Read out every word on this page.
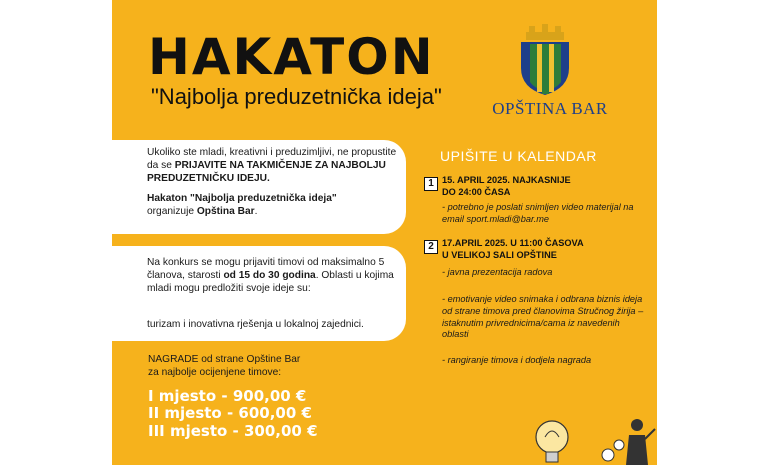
HAKATON

"Najbolja preduzetnička ideja"	OPŠTINA BAR
Ukoliko ste mladi, kreativni i preduzimljivi, ne propustite da se PRIJAVITE NA TAKMIČENJE ZA NAJBOLJU PREDUZETNIČKU IDEJU.
Hakaton "Najbolja preduzetnička ideja"
organizuje Opština Bar.
Na konkurs se mogu prijaviti timovi od maksimalno 5 članova, starosti od 15 do 30 godina. Oblasti u kojima mladi mogu predložiti svoje ideje su:
turizam i inovativna rješenja u lokalnoj zajednici.
NAGRADE od strane Opštine Bar
za najbolje ocijenjene timove:
I mjesto - 900,00 €
II mjesto - 600,00 €
III mjesto - 300,00 €
UPIŠITE U KALENDAR
1 15. APRIL 2025. NAJKASNIJE
DO 24:00 ČASA
- potrebno je poslati snimljen video materijal na email sport.mladi@bar.me
2 17.APRIL 2025. U 11:00 ČASOVA
U VELIKOJ SALI OPŠTINE
- javna prezentacija radova
- emotivanje video snimaka i odbrana biznis ideja od strane timova pred članovima Stručnog žirija – istaknutim privrednicima/cama iz navedenih oblasti
- rangiranje timova i dodjela nagrada
